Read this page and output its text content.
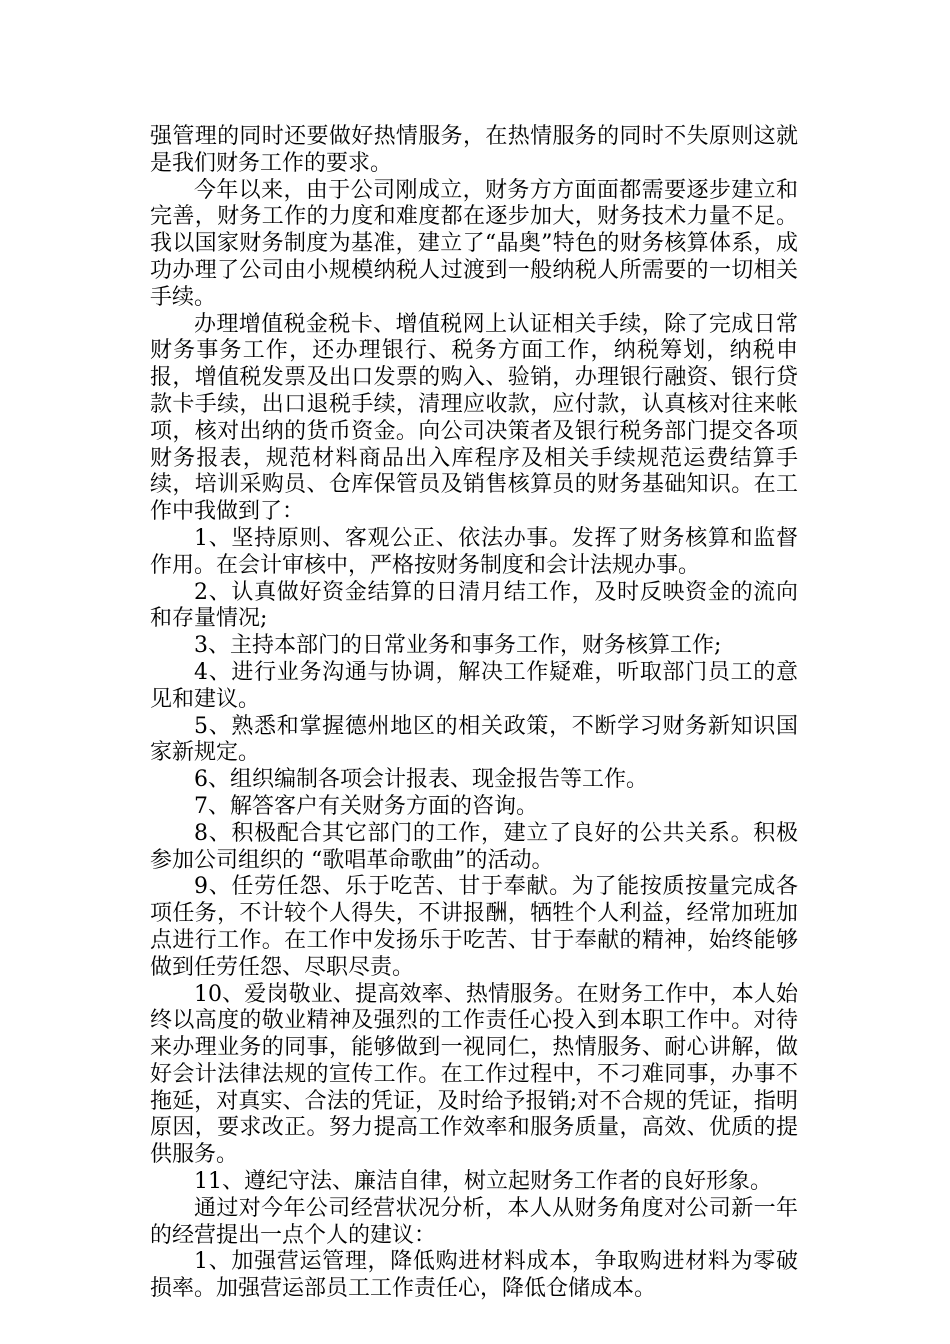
强管理的同时还要做好热情服务，在热情服务的同时不失原则这就是我们财务工作的要求。

今年以来，由于公司刚成立，财务方方面面都需要逐步建立和完善，财务工作的力度和难度都在逐步加大，财务技术力量不足。我以国家财务制度为基准，建立了“晶奥”特色的财务核算体系，成功办理了公司由小规模纳税人过渡到一般纳税人所需要的一切相关手续。

办理增值税金税卡、增值税网上认证相关手续，除了完成日常财务事务工作，还办理银行、税务方面工作，纳税筹划，纳税申报，增值税发票及出口发票的购入、验销，办理银行融资、银行贷款卡手续，出口退税手续，清理应收款，应付款，认真核对往来帐项，核对出纳的货币资金。向公司决策者及银行税务部门提交各项财务报表，规范材料商品出入库程序及相关手续规范运费结算手续，培训采购员、仓库保管员及销售核算员的财务基础知识。在工作中我做到了：

1、坚持原则、客观公正、依法办事。发挥了财务核算和监督作用。在会计审核中，严格按财务制度和会计法规办事。

2、认真做好资金结算的日清月结工作，及时反映资金的流向和存量情况;

3、主持本部门的日常业务和事务工作，财务核算工作;

4、进行业务沟通与协调，解决工作疑难，听取部门员工的意见和建议。

5、熟悉和掌握德州地区的相关政策，不断学习财务新知识国家新规定。

6、组织编制各项会计报表、现金报告等工作。

7、解答客户有关财务方面的咨询。

8、积极配合其它部门的工作，建立了良好的公共关系。积极参加公司组织的 “歌唱革命歌曲”的活动。

9、任劳任怨、乐于吃苦、甘于奉献。为了能按质按量完成各项任务，不计较个人得失，不讲报酬，牺牲个人利益，经常加班加点进行工作。在工作中发扬乐于吃苦、甘于奉献的精神，始终能够做到任劳任怨、尽职尽责。

10、爱岗敬业、提高效率、热情服务。在财务工作中，本人始终以高度的敬业精神及强烈的工作责任心投入到本职工作中。对待来办理业务的同事，能够做到一视同仁，热情服务、耐心讲解，做好会计法律法规的宣传工作。在工作过程中，不刁难同事，办事不拖延，对真实、合法的凭证，及时给予报销;对不合规的凭证，指明原因，要求改正。努力提高工作效率和服务质量，高效、优质的提供服务。

11、遵纪守法、廉洁自律，树立起财务工作者的良好形象。

通过对今年公司经营状况分析，本人从财务角度对公司新一年的经营提出一点个人的建议：

1、加强营运管理，降低购进材料成本，争取购进材料为零破损率。加强营运部员工工作责任心，降低仓储成本。
